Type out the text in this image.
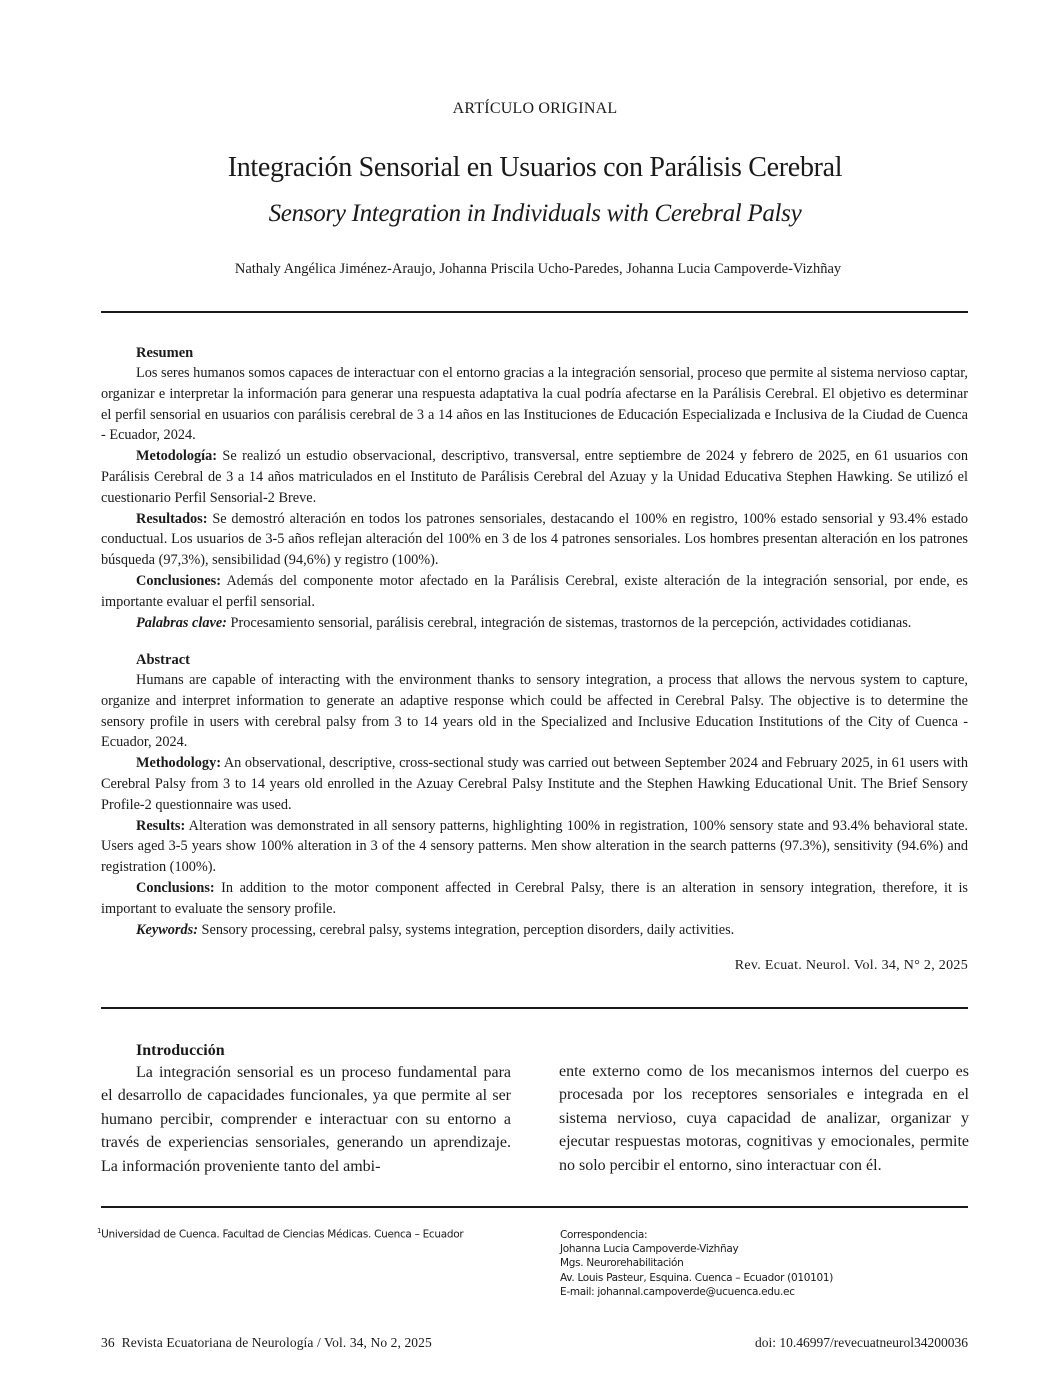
ARTÍCULO ORIGINAL
Integración Sensorial en Usuarios con Parálisis Cerebral
Sensory Integration in Individuals with Cerebral Palsy
Nathaly Angélica Jiménez-Araujo, Johanna Priscila Ucho-Paredes, Johanna Lucia Campoverde-Vizhñay
Resumen

Los seres humanos somos capaces de interactuar con el entorno gracias a la integración sensorial, proceso que permite al sistema nervioso captar, organizar e interpretar la información para generar una respuesta adaptativa la cual podría afectarse en la Parálisis Cerebral. El objetivo es determinar el perfil sensorial en usuarios con parálisis cerebral de 3 a 14 años en las Instituciones de Educación Especializada e Inclusiva de la Ciudad de Cuenca - Ecuador, 2024.

Metodología: Se realizó un estudio observacional, descriptivo, transversal, entre septiembre de 2024 y febrero de 2025, en 61 usuarios con Parálisis Cerebral de 3 a 14 años matriculados en el Instituto de Parálisis Cerebral del Azuay y la Unidad Educativa Stephen Hawking. Se utilizó el cuestionario Perfil Sensorial-2 Breve.

Resultados: Se demostró alteración en todos los patrones sensoriales, destacando el 100% en registro, 100% estado sensorial y 93.4% estado conductual. Los usuarios de 3-5 años reflejan alteración del 100% en 3 de los 4 patrones sensoriales. Los hombres presentan alteración en los patrones búsqueda (97,3%), sensibilidad (94,6%) y registro (100%).

Conclusiones: Además del componente motor afectado en la Parálisis Cerebral, existe alteración de la integración sensorial, por ende, es importante evaluar el perfil sensorial.

Palabras clave: Procesamiento sensorial, parálisis cerebral, integración de sistemas, trastornos de la percepción, actividades cotidianas.

Abstract

Humans are capable of interacting with the environment thanks to sensory integration, a process that allows the nervous system to capture, organize and interpret information to generate an adaptive response which could be affected in Cerebral Palsy. The objective is to determine the sensory profile in users with cerebral palsy from 3 to 14 years old in the Specialized and Inclusive Education Institutions of the City of Cuenca - Ecuador, 2024.

Methodology: An observational, descriptive, cross-sectional study was carried out between September 2024 and February 2025, in 61 users with Cerebral Palsy from 3 to 14 years old enrolled in the Azuay Cerebral Palsy Institute and the Stephen Hawking Educational Unit. The Brief Sensory Profile-2 questionnaire was used.

Results: Alteration was demonstrated in all sensory patterns, highlighting 100% in registration, 100% sensory state and 93.4% behavioral state. Users aged 3-5 years show 100% alteration in 3 of the 4 sensory patterns. Men show alteration in the search patterns (97.3%), sensitivity (94.6%) and registration (100%).

Conclusions: In addition to the motor component affected in Cerebral Palsy, there is an alteration in sensory integration, therefore, it is important to evaluate the sensory profile.

Keywords: Sensory processing, cerebral palsy, systems integration, perception disorders, daily activities.

Rev. Ecuat. Neurol. Vol. 34, N° 2, 2025
Introducción

La integración sensorial es un proceso fundamental para el desarrollo de capacidades funcionales, ya que permite al ser humano percibir, comprender e interactuar con su entorno a través de experiencias sensoriales, generando un aprendizaje. La información proveniente tanto del ambi-

ente externo como de los mecanismos internos del cuerpo es procesada por los receptores sensoriales e integrada en el sistema nervioso, cuya capacidad de analizar, organizar y ejecutar respuestas motoras, cognitivas y emocionales, permite no solo percibir el entorno, sino interactuar con él.

$^1$Universidad de Cuenca. Facultad de Ciencias Médicas. Cuenca – Ecuador	Correspondencia:
Johanna Lucia Campoverde-Vizhñay
Mgs. Neurorehabilitación
Av. Louis Pasteur, Esquina. Cuenca – Ecuador (010101)
E-mail: johannal.campoverde@ucuenca.edu.ec
36  Revista Ecuatoriana de Neurología / Vol. 34, No 2, 2025	doi: 10.46997/revecuatneurol34200036
